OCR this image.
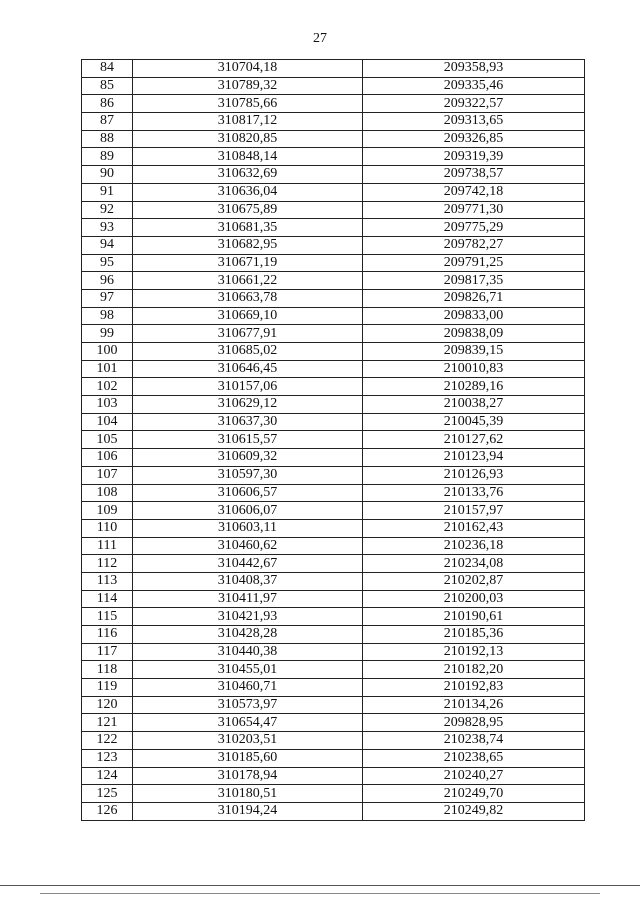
27
84	310704,18	209358,93
85	310789,32	209335,46
86	310785,66	209322,57
87	310817,12	209313,65
88	310820,85	209326,85
89	310848,14	209319,39
90	310632,69	209738,57
91	310636,04	209742,18
92	310675,89	209771,30
93	310681,35	209775,29
94	310682,95	209782,27
95	310671,19	209791,25
96	310661,22	209817,35
97	310663,78	209826,71
98	310669,10	209833,00
99	310677,91	209838,09
100	310685,02	209839,15
101	310646,45	210010,83
102	310157,06	210289,16
103	310629,12	210038,27
104	310637,30	210045,39
105	310615,57	210127,62
106	310609,32	210123,94
107	310597,30	210126,93
108	310606,57	210133,76
109	310606,07	210157,97
110	310603,11	210162,43
111	310460,62	210236,18
112	310442,67	210234,08
113	310408,37	210202,87
114	310411,97	210200,03
115	310421,93	210190,61
116	310428,28	210185,36
117	310440,38	210192,13
118	310455,01	210182,20
119	310460,71	210192,83
120	310573,97	210134,26
121	310654,47	209828,95
122	310203,51	210238,74
123	310185,60	210238,65
124	310178,94	210240,27
125	310180,51	210249,70
126	310194,24	210249,82
